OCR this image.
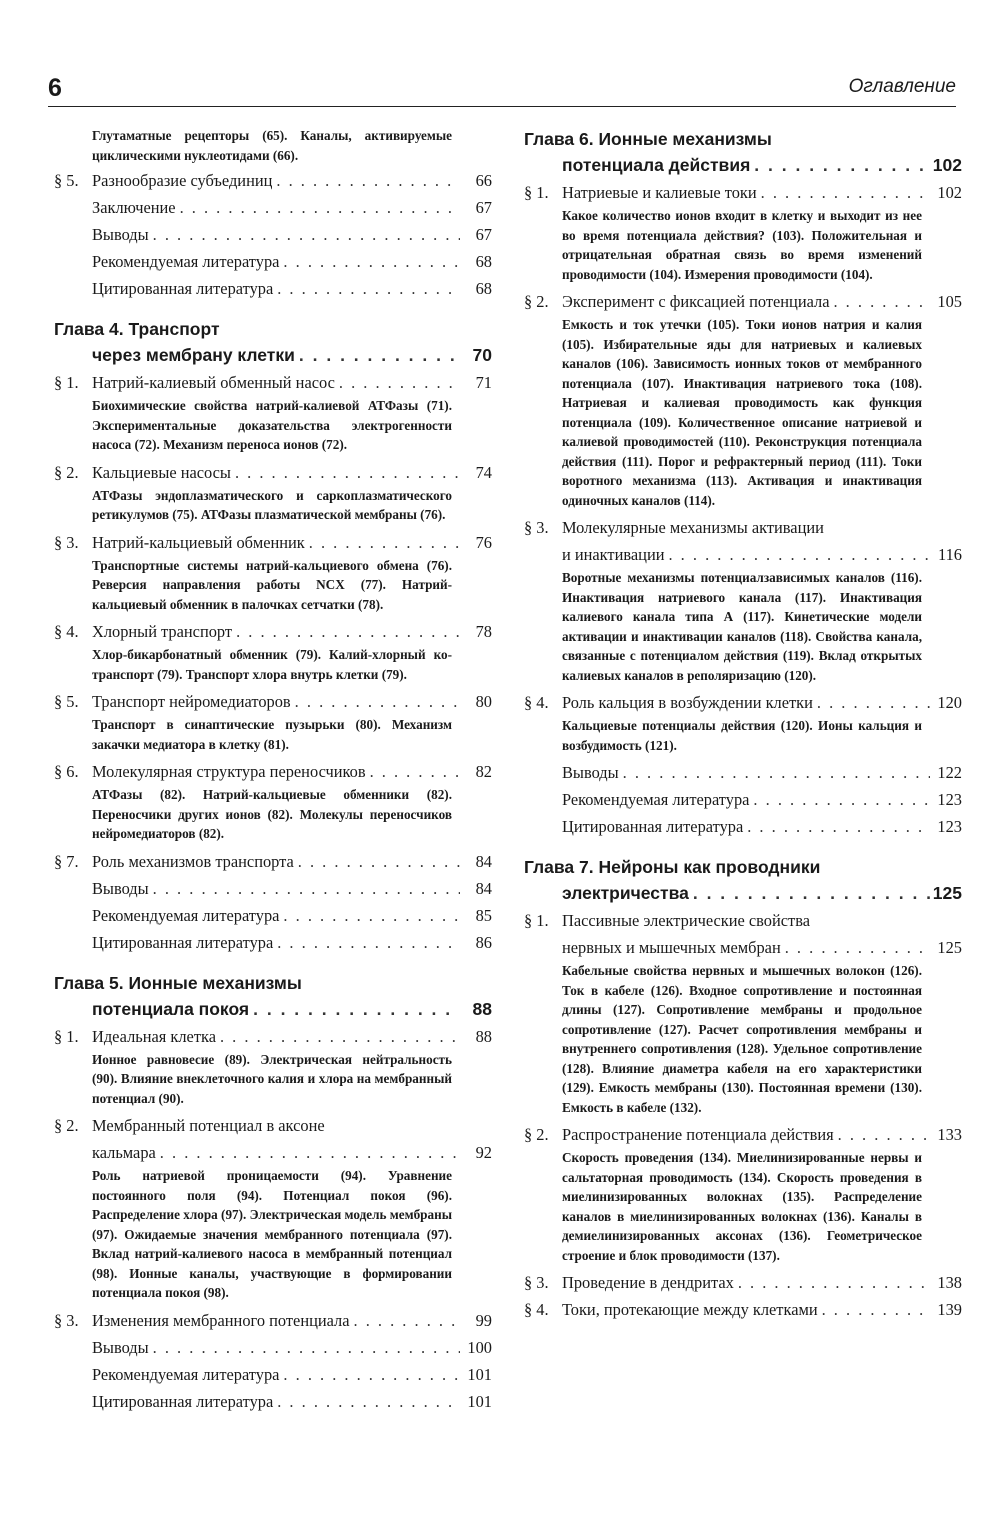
6	Оглавление
Глутаматные рецепторы (65). Каналы, активируемые циклическими нуклеотидами (66).
§ 5. Разнообразие субъединиц . . .	66
Заключение . . .	67
Выводы . . .	67
Рекомендуемая литература . . .	68
Цитированная литература . . .	68
Глава 4. Транспорт
через мембрану клетки . . .	70
§ 1. Натрий-калиевый обменный насос . . .	71
Биохимические свойства натрий-калиевой АТФазы (71). Экспериментальные доказательства электрогенности насоса (72). Механизм переноса ионов (72).
§ 2. Кальциевые насосы . . .	74
АТФазы эндоплазматического и саркоплазматического ретикулумов (75). АТФазы плазматической мембраны (76).
§ 3. Натрий-кальциевый обменник . . .	76
Транспортные системы натрий-кальциевого обмена (76). Реверсия направления работы NCX (77). Натрий-кальциевый обменник в палочках сетчатки (78).
§ 4. Хлорный транспорт . . .	78
Хлор-бикарбонатный обменник (79). Калий-хлорный ко-транспорт (79). Транспорт хлора внутрь клетки (79).
§ 5. Транспорт нейромедиаторов . . .	80
Транспорт в синаптические пузырьки (80). Механизм закачки медиатора в клетку (81).
§ 6. Молекулярная структура переносчиков . . .	82
АТФазы (82). Натрий-кальциевые обменники (82). Переносчики других ионов (82). Молекулы переносчиков нейромедиаторов (82).
§ 7. Роль механизмов транспорта . . .	84
Выводы . . .	84
Рекомендуемая литература . . .	85
Цитированная литература . . .	86
Глава 5. Ионные механизмы
потенциала покоя . . .	88
§ 1. Идеальная клетка . . .	88
Ионное равновесие (89). Электрическая нейтральность (90). Влияние внеклеточного калия и хлора на мембранный потенциал (90).
§ 2. Мембранный потенциал в аксоне
кальмара . . .	92
Роль натриевой проницаемости (94). Уравнение постоянного поля (94). Потенциал покоя (96). Распределение хлора (97). Электрическая модель мембраны (97). Ожидаемые значения мембранного потенциала (97). Вклад натрий-калиевого насоса в мембранный потенциал (98). Ионные каналы, участвующие в формировании потенциала покоя (98).
§ 3. Изменения мембранного потенциала . . .	99
Выводы . . .	100
Рекомендуемая литература . . .	101
Цитированная литература . . .	101
Глава 6. Ионные механизмы
потенциала действия . . .	102
§ 1. Натриевые и калиевые токи . . .	102
Какое количество ионов входит в клетку и выходит из нее во время потенциала действия? (103). Положительная и отрицательная обратная связь во время изменений проводимости (104). Измерения проводимости (104).
§ 2. Эксперимент с фиксацией потенциала . . .	105
Емкость и ток утечки (105). Токи ионов натрия и калия (105). Избирательные яды для натриевых и калиевых каналов (106). Зависимость ионных токов от мембранного потенциала (107). Инактивация натриевого тока (108). Натриевая и калиевая проводимость как функция потенциала (109). Количественное описание натриевой и калиевой проводимостей (110). Реконструкция потенциала действия (111). Порог и рефрактерный период (111). Токи воротного механизма (113). Активация и инактивация одиночных каналов (114).
§ 3. Молекулярные механизмы активации
и инактивации . . .	116
Воротные механизмы потенциалзависимых каналов (116). Инактивация натриевого канала (117). Инактивация калиевого канала типа А (117). Кинетические модели активации и инактивации каналов (118). Свойства канала, связанные с потенциалом действия (119). Вклад открытых калиевых каналов в реполяризацию (120).
§ 4. Роль кальция в возбуждении клетки . . .	120
Кальциевые потенциалы действия (120). Ионы кальция и возбудимость (121).
Выводы . . .	122
Рекомендуемая литература . . .	123
Цитированная литература . . .	123
Глава 7. Нейроны как проводники
электричества . . .	125
§ 1. Пассивные электрические свойства
нервных и мышечных мембран . . .	125
Кабельные свойства нервных и мышечных волокон (126). Ток в кабеле (126). Входное сопротивление и постоянная длины (127). Сопротивление мембраны и продольное сопротивление (127). Расчет сопротивления мембраны и внутреннего сопротивления (128). Удельное сопротивление (128). Влияние диаметра кабеля на его характеристики (129). Емкость мембраны (130). Постоянная времени (130). Емкость в кабеле (132).
§ 2. Распространение потенциала действия . . .	133
Скорость проведения (134). Миелинизированные нервы и сальтаторная проводимость (134). Скорость проведения в миелинизированных волокнах (135). Распределение каналов в миелинизированных волокнах (136). Каналы в демиелинизированных аксонах (136). Геометрическое строение и блок проводимости (137).
§ 3. Проведение в дендритах . . .	138
§ 4. Токи, протекающие между клетками . . .	139
